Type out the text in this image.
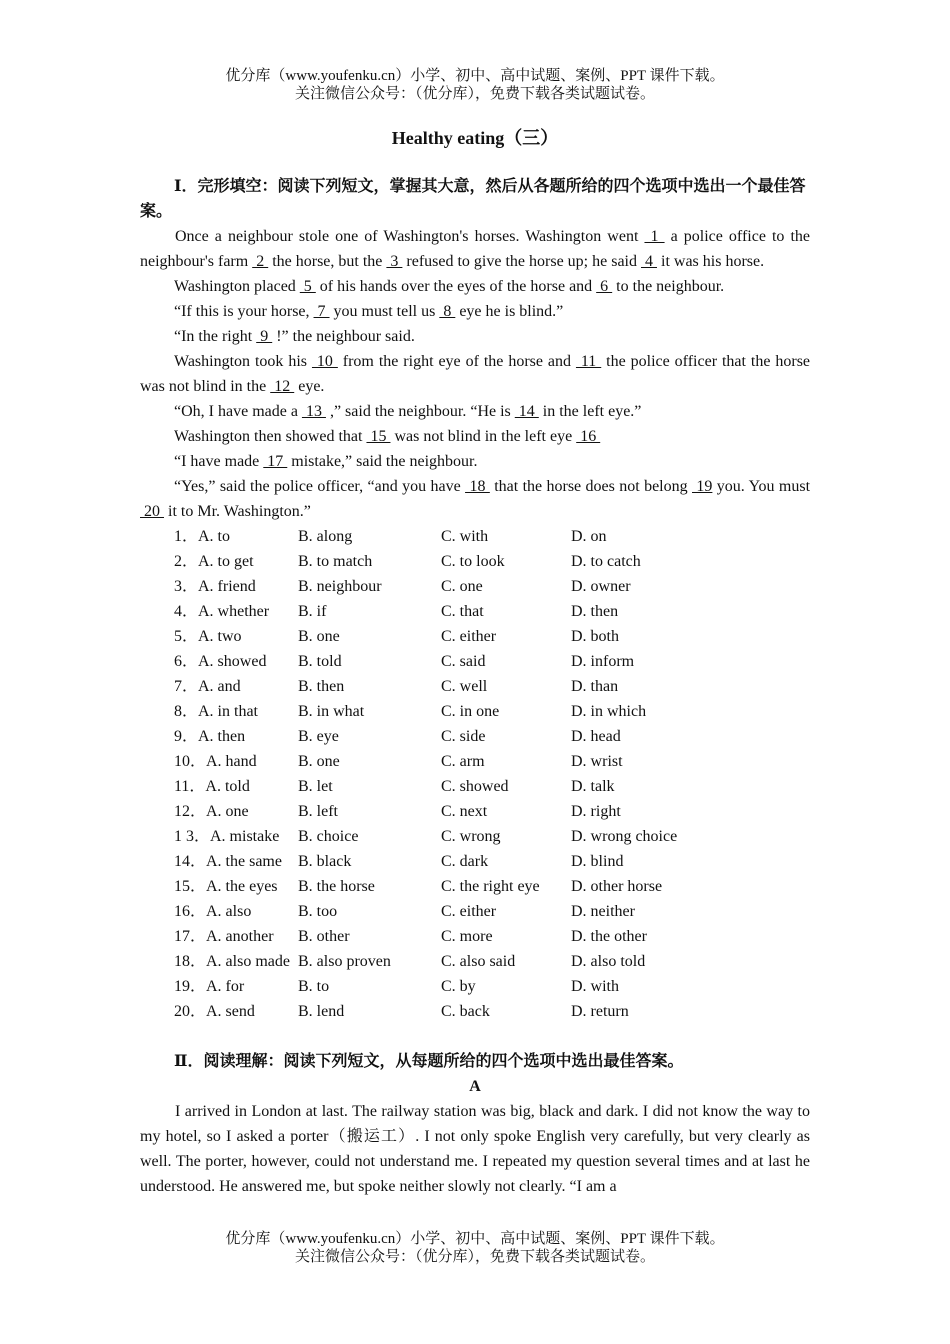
优分库（www.youfenku.cn）小学、初中、高中试题、案例、PPT 课件下载。
关注微信公众号：（优分库），免费下载各类试题试卷。
Healthy eating（三）
Ⅰ．完形填空：阅读下列短文，掌握其大意，然后从各题所给的四个选项中选出一个最佳答案。
Once a neighbour stole one of Washington's horses. Washington went  1  a police office to the neighbour's farm  2  the horse, but the  3  refused to give the horse up; he said  4  it was his horse.
Washington placed  5  of his hands over the eyes of the horse and  6  to the neighbour.
“If this is your horse,  7  you must tell us  8  eye he is blind.”
“In the right  9  !” the neighbour said.
Washington took his  10  from the right eye of the horse and  11  the police officer that the horse was not blind in the  12  eye.
“Oh, I have made a  13  ,” said the neighbour. “He is  14  in the left eye.”
Washington then showed that  15  was not blind in the left eye  16
“I have made  17  mistake,” said the neighbour.
“Yes,” said the police officer, “and you have  18  that the horse does not belong  19 you. You must  20  it to Mr. Washington.”
1．A. to	B. along	C. with	D. on
2．A. to get	B. to match	C. to look	D. to catch
3．A. friend	B. neighbour	C. one	D. owner
4．A. whether	B. if	C. that	D. then
5．A. two	B. one	C. either	D. both
6．A. showed	B. told	C. said	D. inform
7．A. and	B. then	C. well	D. than
8．A. in that	B. in what	C. in one	D. in which
9．A. then	B. eye	C. side	D. head
10．A. hand	B. one	C. arm	D. wrist
11．A. told	B. let	C. showed	D. talk
12．A. one	B. left	C. next	D. right
1 3．A. mistake	B. choice	C. wrong	D. wrong choice
14．A. the same	B. black	C. dark	D. blind
15．A. the eyes	B. the horse	C. the right eye	D. other horse
16．A. also	B. too	C. either	D. neither
17．A. another	B. other	C. more	D. the other
18．A. also made	B. also proven	C. also said	D. also told
19．A. for	B. to	C. by	D. with
20．A. send	B. lend	C. back	D. return
Ⅱ．阅读理解：阅读下列短文，从每题所给的四个选项中选出最佳答案。
A
I arrived in London at last. The railway station was big, black and dark. I did not know the way to my hotel, so I asked a porter（搬运工）. I not only spoke English very carefully, but very clearly as well. The porter, however, could not understand me. I repeated my question several times and at last he understood. He answered me, but spoke neither slowly not clearly. “I am a
优分库（www.youfenku.cn）小学、初中、高中试题、案例、PPT 课件下载。
关注微信公众号：（优分库），免费下载各类试题试卷。
